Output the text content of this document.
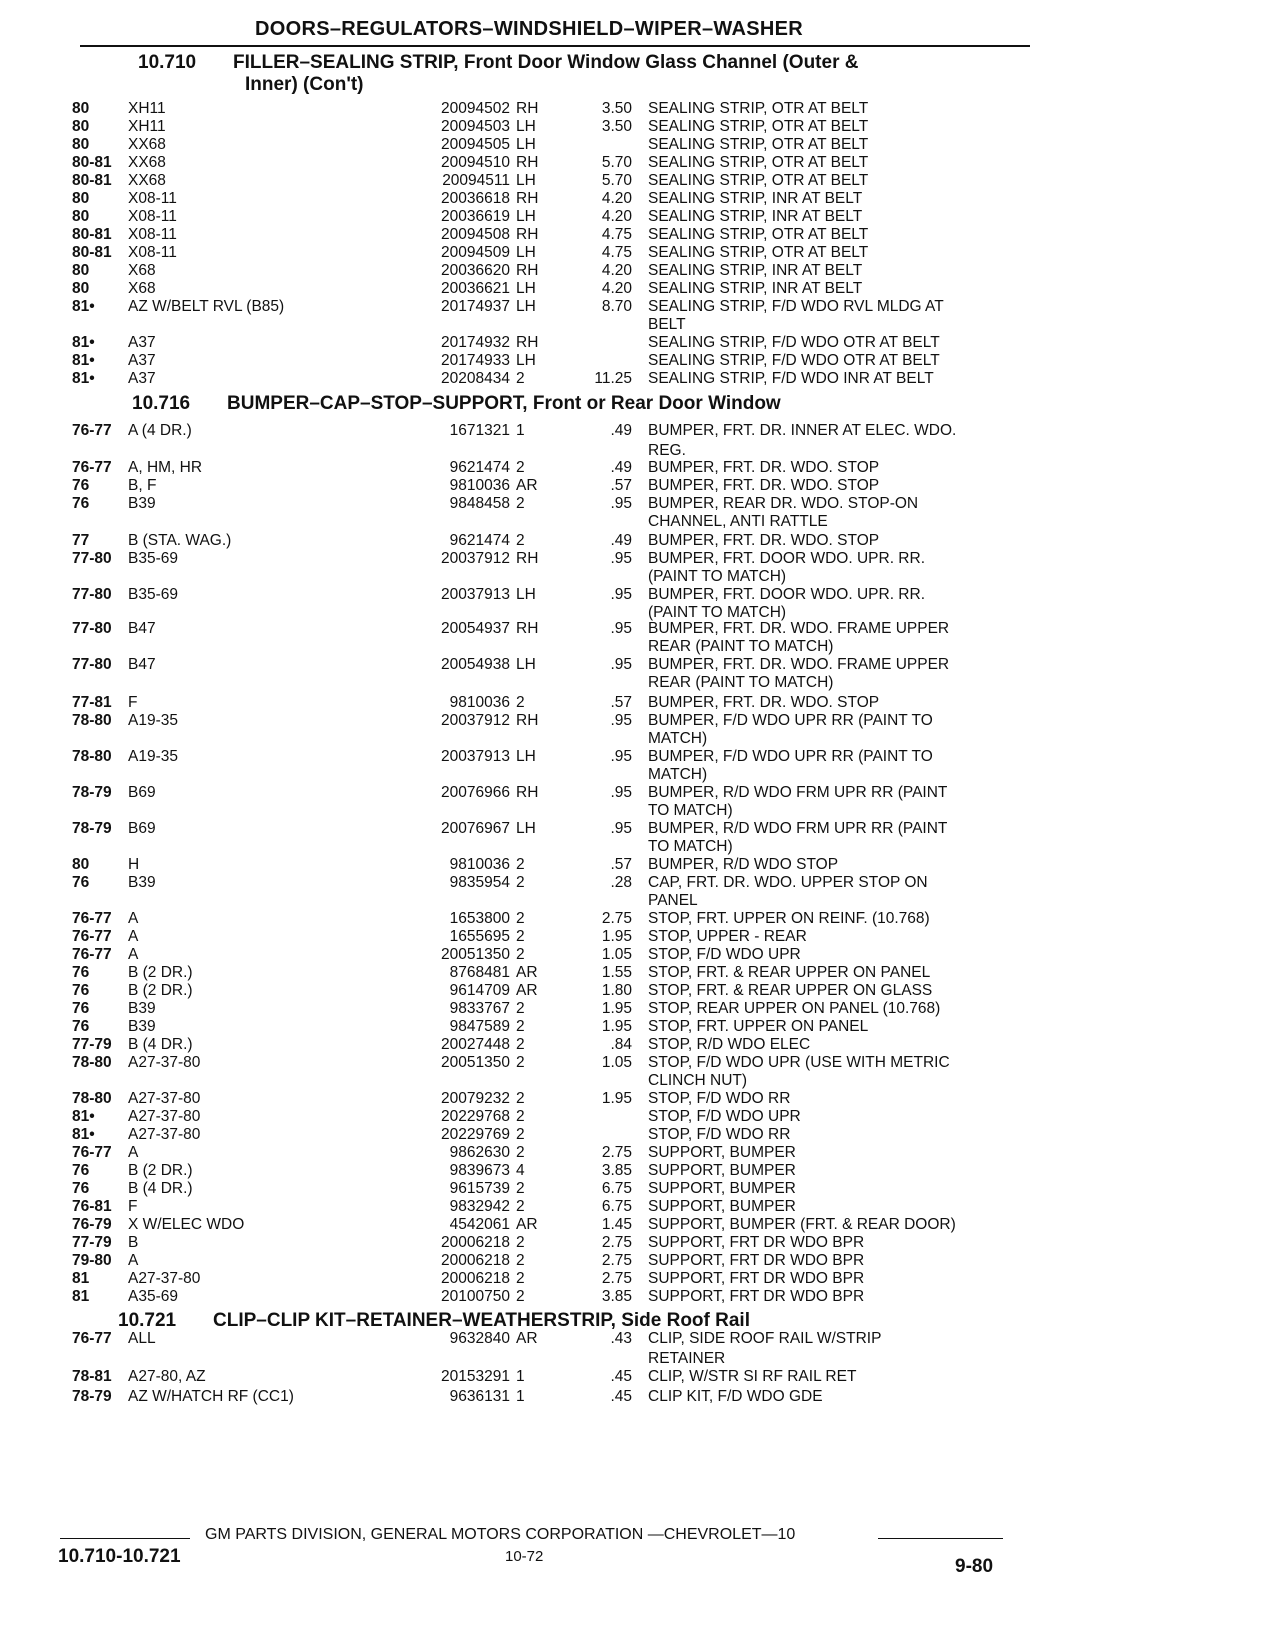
DOORS–REGULATORS–WINDSHIELD–WIPER–WASHER
10.710 FILLER–SEALING STRIP, Front Door Window Glass Channel (Outer &
Inner) (Con't)
10.716 BUMPER–CAP–STOP–SUPPORT, Front or Rear Door Window
10.721 CLIP–CLIP KIT–RETAINER–WEATHERSTRIP, Side Roof Rail
80	XH11	20094502 RH	3.50 SEALING STRIP, OTR AT BELT
80	XH11	20094503 LH	3.50 SEALING STRIP, OTR AT BELT
80	XX68	20094505 LH	SEALING STRIP, OTR AT BELT
80-81 XX68	20094510 RH	5.70 SEALING STRIP, OTR AT BELT
80-81 XX68	20094511 LH	5.70 SEALING STRIP, OTR AT BELT
80	X08-11	20036618 RH	4.20 SEALING STRIP, INR AT BELT
80	X08-11	20036619 LH	4.20 SEALING STRIP, INR AT BELT
80-81 X08-11	20094508 RH	4.75 SEALING STRIP, OTR AT BELT
80-81 X08-11	20094509 LH	4.75 SEALING STRIP, OTR AT BELT
80	X68	20036620 RH	4.20 SEALING STRIP, INR AT BELT
80	X68	20036621 LH	4.20 SEALING STRIP, INR AT BELT
81• AZ W/BELT RVL (B85)	20174937 LH	8.70 SEALING STRIP, F/D WDO RVL MLDG AT
BELT
81• A37	20174932 RH	SEALING STRIP, F/D WDO OTR AT BELT
81• A37	20174933 LH	SEALING STRIP, F/D WDO OTR AT BELT
81• A37	20208434 2	11.25 SEALING STRIP, F/D WDO INR AT BELT
76-77 A (4 DR.)	1671321 1	.49 BUMPER, FRT. DR. INNER AT ELEC. WDO.
REG.
76-77 A, HM, HR	9621474 2	.49 BUMPER, FRT. DR. WDO. STOP
76	B, F	9810036 AR	.57 BUMPER, FRT. DR. WDO. STOP
76	B39	9848458 2	.95 BUMPER, REAR DR. WDO. STOP-ON
CHANNEL, ANTI RATTLE
77	B (STA. WAG.)	9621474 2	.49 BUMPER, FRT. DR. WDO. STOP
77-80 B35-69	20037912 RH	.95 BUMPER, FRT. DOOR WDO. UPR. RR.
(PAINT TO MATCH)
77-80 B35-69	20037913 LH	.95 BUMPER, FRT. DOOR WDO. UPR. RR.
(PAINT TO MATCH)
77-80 B47	20054937 RH	.95 BUMPER, FRT. DR. WDO. FRAME UPPER
REAR (PAINT TO MATCH)
77-80 B47	20054938 LH	.95 BUMPER, FRT. DR. WDO. FRAME UPPER
REAR (PAINT TO MATCH)
77-81 F	9810036 2	.57 BUMPER, FRT. DR. WDO. STOP
78-80 A19-35	20037912 RH	.95 BUMPER, F/D WDO UPR RR (PAINT TO
MATCH)
78-80 A19-35	20037913 LH	.95 BUMPER, F/D WDO UPR RR (PAINT TO
MATCH)
78-79 B69	20076966 RH	.95 BUMPER, R/D WDO FRM UPR RR (PAINT
TO MATCH)
78-79 B69	20076967 LH	.95 BUMPER, R/D WDO FRM UPR RR (PAINT
TO MATCH)
80	H	9810036 2	.57 BUMPER, R/D WDO STOP
76	B39	9835954 2	.28 CAP, FRT. DR. WDO. UPPER STOP ON
PANEL
76-77 A	1653800 2	2.75 STOP, FRT. UPPER ON REINF. (10.768)
76-77 A	1655695 2	1.95 STOP, UPPER - REAR
76-77 A	20051350 2	1.05 STOP, F/D WDO UPR
76	B (2 DR.)	8768481 AR	1.55 STOP, FRT. & REAR UPPER ON PANEL
76	B (2 DR.)	9614709 AR	1.80 STOP, FRT. & REAR UPPER ON GLASS
76	B39	9833767 2	1.95 STOP, REAR UPPER ON PANEL (10.768)
76	B39	9847589 2	1.95 STOP, FRT. UPPER ON PANEL
77-79 B (4 DR.)	20027448 2	.84 STOP, R/D WDO ELEC
78-80 A27-37-80	20051350 2	1.05 STOP, F/D WDO UPR (USE WITH METRIC
CLINCH NUT)
78-80 A27-37-80	20079232 2	1.95 STOP, F/D WDO RR
81• A27-37-80	20229768 2	STOP, F/D WDO UPR
81• A27-37-80	20229769 2	STOP, F/D WDO RR
76-77 A	9862630 2	2.75 SUPPORT, BUMPER
76	B (2 DR.)	9839673 4	3.85 SUPPORT, BUMPER
76	B (4 DR.)	9615739 2	6.75 SUPPORT, BUMPER
76-81 F	9832942 2	6.75 SUPPORT, BUMPER
76-79 X W/ELEC WDO	4542061 AR	1.45 SUPPORT, BUMPER (FRT. & REAR DOOR)
77-79 B	20006218 2	2.75 SUPPORT, FRT DR WDO BPR
79-80 A	20006218 2	2.75 SUPPORT, FRT DR WDO BPR
81	A27-37-80	20006218 2	2.75 SUPPORT, FRT DR WDO BPR
81	A35-69	20100750 2	3.85 SUPPORT, FRT DR WDO BPR
76-77 ALL	9632840 AR	.43 CLIP, SIDE ROOF RAIL W/STRIP
RETAINER
78-81 A27-80, AZ	20153291 1	.45 CLIP, W/STR SI RF RAIL RET
78-79 AZ W/HATCH RF (CC1)	9636131 1	.45 CLIP KIT, F/D WDO GDE
GM PARTS DIVISION, GENERAL MOTORS CORPORATION —CHEVROLET—10
10.710-10.721	10-72	9-80
